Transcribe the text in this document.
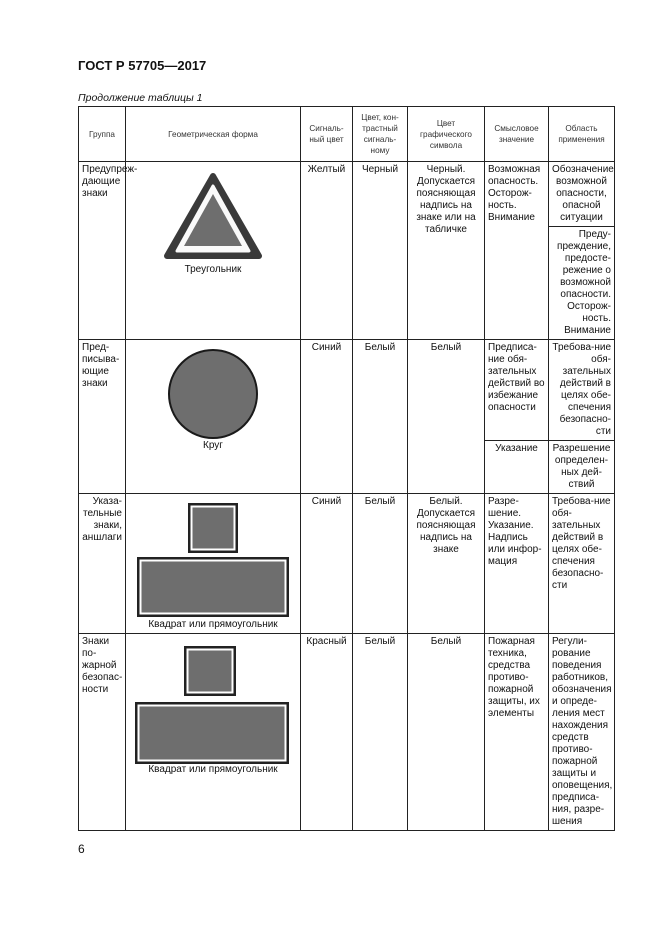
ГОСТ Р 57705—2017
Продолжение таблицы 1
Группа	Геометрическая форма	Сигналь-ный цвет	Цвет, кон-трастный сигналь-ному	Цвет графического символа	Смысловое значение	Область применения
Предупреж-дающие знаки	Треугольник	Желтый	Черный	Черный. Допускается поясняющая надпись на знаке или на табличке	Возможная опасность. Осторож-ность. Внимание	Обозначение возможной опасности, опасной ситуации
						Преду-преждение, предосте-режение о возможной опасности. Осторож-ность. Внимание
Пред-писыва-ющие знаки	Круг	Синий	Белый	Белый	Предписа-ние обя-зательных действий во избежание опасности	Требова-ние обя-зательных действий в целях обе-спечения безопасно-сти
					Указание	Разрешение определен-ных дей-ствий
Указа-тельные знаки, аншлаги	Квадрат или прямоугольник	Синий	Белый	Белый. Допускается поясняющая надпись на знаке	Разре-шение. Указание. Надпись или инфор-мация	Требова-ние обя-зательных действий в целях обе-спечения безопасно-сти
Знаки по-жарной безопас-ности	Квадрат или прямоугольник	Красный	Белый	Белый	Пожарная техника, средства противо-пожарной защиты, их элементы	Регули-рование поведения работников, обозначения и опреде-ления мест нахождения средств противо-пожарной защиты и оповещения, предписа-ния, разре-шения
6
